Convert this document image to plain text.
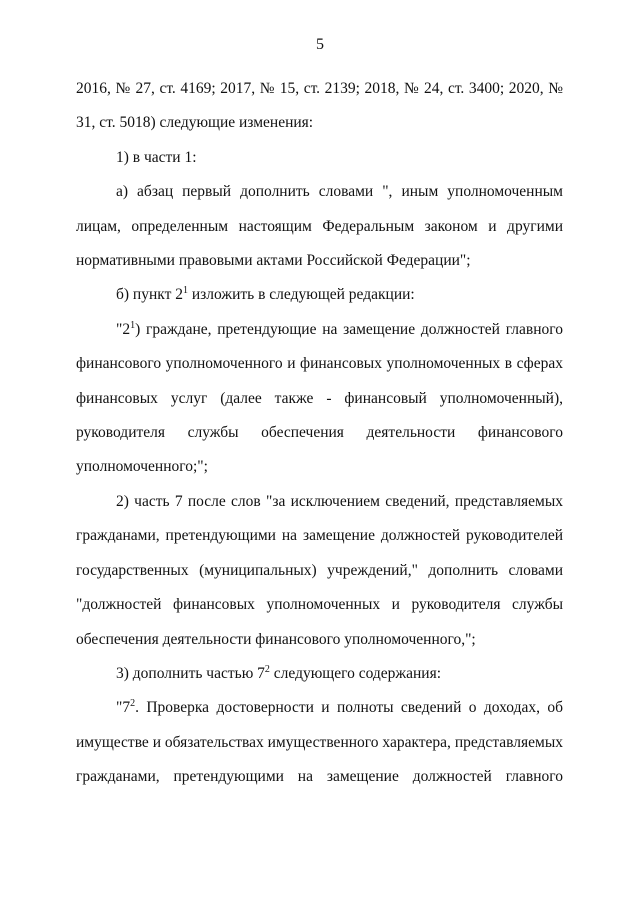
5

2016, № 27, ст. 4169; 2017, № 15, ст. 2139; 2018, № 24, ст. 3400; 2020, № 31, ст. 5018) следующие изменения:

1) в части 1:

а) абзац первый дополнить словами ", иным уполномоченным лицам, определенным настоящим Федеральным законом и другими нормативными правовыми актами Российской Федерации";

б) пункт $2^1$ изложить в следующей редакции:

"$2^1$) граждане, претендующие на замещение должностей главного финансового уполномоченного и финансовых уполномоченных в сферах финансовых услуг (далее также - финансовый уполномоченный), руководителя службы обеспечения деятельности финансового уполномоченного;";

2) часть 7 после слов "за исключением сведений, представляемых гражданами, претендующими на замещение должностей руководителей государственных (муниципальных) учреждений," дополнить словами "должностей финансовых уполномоченных и руководителя службы обеспечения деятельности финансового уполномоченного,";

3) дополнить частью $7^2$ следующего содержания:

"$7^2$. Проверка достоверности и полноты сведений о доходах, об имуществе и обязательствах имущественного характера, представляемых гражданами, претендующими на замещение должностей главного
